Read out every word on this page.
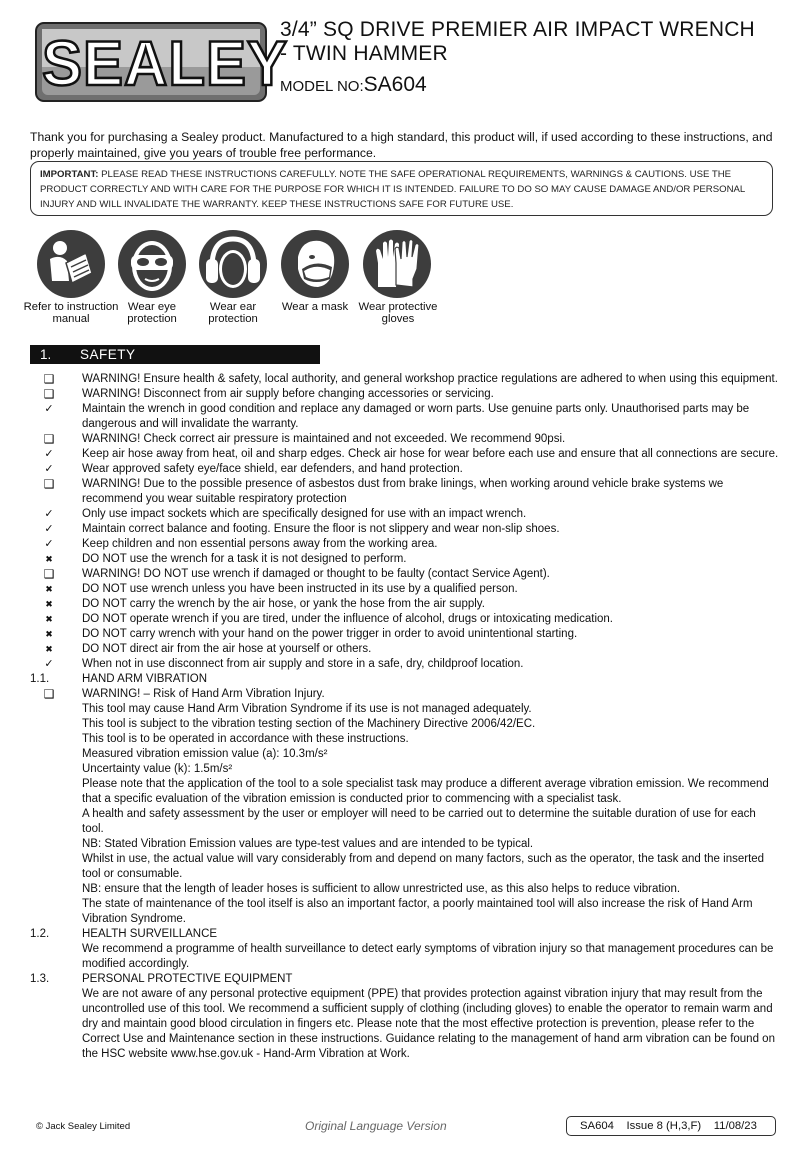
SEALEY
3/4” SQ DRIVE PREMIER AIR IMPACT WRENCH
- TWIN HAMMER
MODEL NO:SA604
Thank you for purchasing a Sealey product. Manufactured to a high standard, this product will, if used according to these instructions, and properly maintained, give you years of trouble free performance.
IMPORTANT: PLEASE READ THESE INSTRUCTIONS CAREFULLY. NOTE THE SAFE OPERATIONAL REQUIREMENTS, WARNINGS & CAUTIONS. USE THE PRODUCT CORRECTLY AND WITH CARE FOR THE PURPOSE FOR WHICH IT IS INTENDED. FAILURE TO DO SO MAY CAUSE DAMAGE AND/OR PERSONAL INJURY AND WILL INVALIDATE THE WARRANTY. KEEP THESE INSTRUCTIONS SAFE FOR FUTURE USE.
Refer to instruction manual
Wear eye protection
Wear ear protection
Wear a mask Wear protective gloves
1. SAFETY
❑ WARNING! Ensure health & safety, local authority, and general workshop practice regulations are adhered to when using this equipment.
❑ WARNING! Disconnect from air supply before changing accessories or servicing.
✓ Maintain the wrench in good condition and replace any damaged or worn parts. Use genuine parts only. Unauthorised parts may be dangerous and will invalidate the warranty.
❑ WARNING! Check correct air pressure is maintained and not exceeded. We recommend 90psi.
✓ Keep air hose away from heat, oil and sharp edges. Check air hose for wear before each use and ensure that all connections are secure.
✓ Wear approved safety eye/face shield, ear defenders, and hand protection.
❑ WARNING! Due to the possible presence of asbestos dust from brake linings, when working around vehicle brake systems we recommend you wear suitable respiratory protection
✓ Only use impact sockets which are specifically designed for use with an impact wrench.
✓ Maintain correct balance and footing. Ensure the floor is not slippery and wear non-slip shoes.
✓ Keep children and non essential persons away from the working area.
✖	DO NOT use the wrench for a task it is not designed to perform.
❑ WARNING! DO NOT use wrench if damaged or thought to be faulty (contact Service Agent).
✖	DO NOT use wrench unless you have been instructed in its use by a qualified person.
✖	DO NOT carry the wrench by the air hose, or yank the hose from the air supply.
✖	DO NOT operate wrench if you are tired, under the influence of alcohol, drugs or intoxicating medication.
✖	DO NOT carry wrench with your hand on the power trigger in order to avoid unintentional starting.
✖	DO NOT direct air from the air hose at yourself or others.
✓ When not in use disconnect from air supply and store in a safe, dry, childproof location.
1.1.	HAND ARM VIBRATION
❑ WARNING! – Risk of Hand Arm Vibration Injury.
This tool may cause Hand Arm Vibration Syndrome if its use is not managed adequately.
This tool is subject to the vibration testing section of the Machinery Directive 2006/42/EC.
This tool is to be operated in accordance with these instructions.
Measured vibration emission value (a): 10.3m/s²
Uncertainty value (k): 1.5m/s²
Please note that the application of the tool to a sole specialist task may produce a different average vibration emission. We recommend that a specific evaluation of the vibration emission is conducted prior to commencing with a specialist task.
A health and safety assessment by the user or employer will need to be carried out to determine the suitable duration of use for each tool.
NB: Stated Vibration Emission values are type-test values and are intended to be typical.
Whilst in use, the actual value will vary considerably from and depend on many factors, such as the operator, the task and the inserted tool or consumable.
NB: ensure that the length of leader hoses is sufficient to allow unrestricted use, as this also helps to reduce vibration.
The state of maintenance of the tool itself is also an important factor, a poorly maintained tool will also increase the risk of Hand Arm Vibration Syndrome.
1.2.	HEALTH SURVEILLANCE
We recommend a programme of health surveillance to detect early symptoms of vibration injury so that management procedures can be modified accordingly.
1.3.	PERSONAL PROTECTIVE EQUIPMENT
We are not aware of any personal protective equipment (PPE) that provides protection against vibration injury that may result from the uncontrolled use of this tool. We recommend a sufficient supply of clothing (including gloves) to enable the operator to remain warm and dry and maintain good blood circulation in fingers etc. Please note that the most effective protection is prevention, please refer to the Correct Use and Maintenance section in these instructions. Guidance relating to the management of hand arm vibration can be found on the HSC website www.hse.gov.uk - Hand-Arm Vibration at Work.
© Jack Sealey Limited	Original Language Version	SA604    Issue 8 (H,3,F)    11/08/23
